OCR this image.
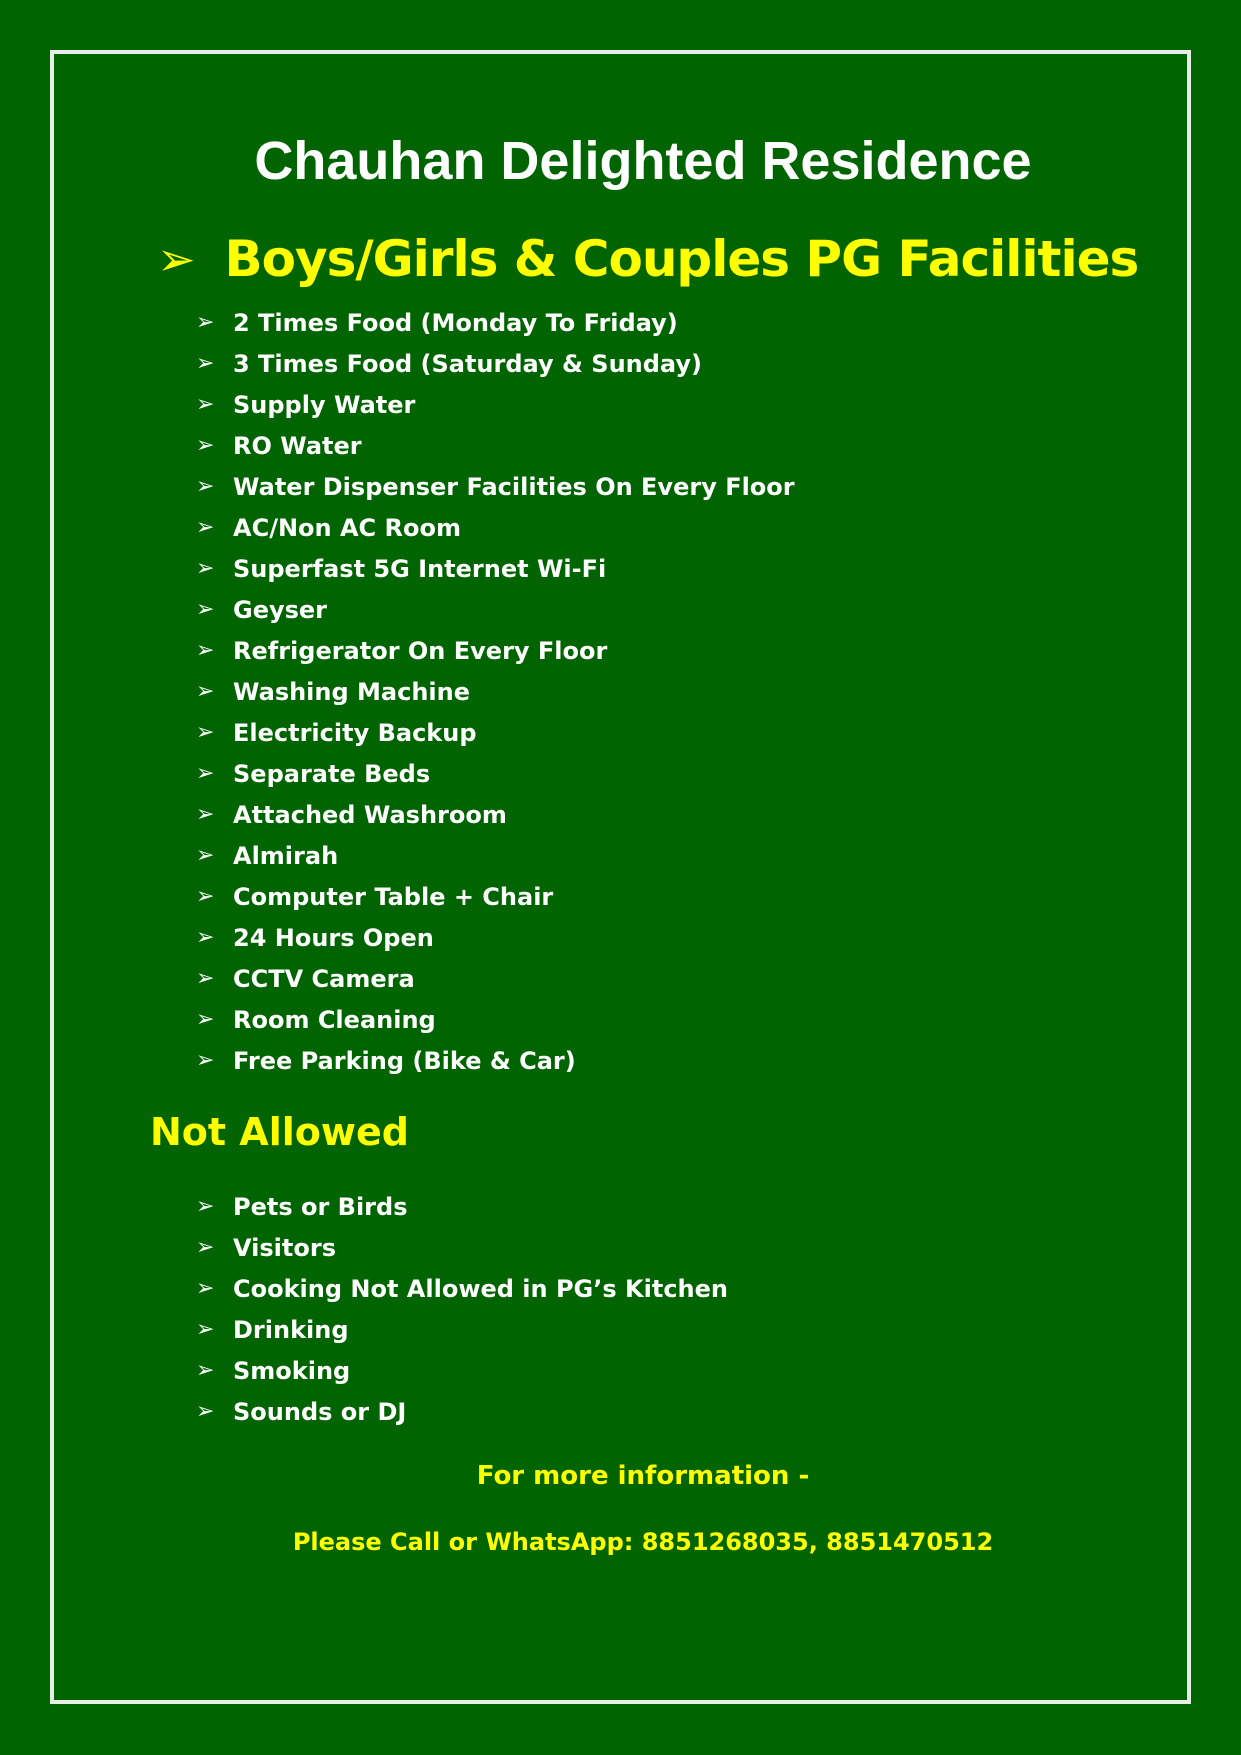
Chauhan Delighted Residence
➢ Boys/Girls & Couples PG Facilities
➢ 2 Times Food (Monday To Friday)
➢ 3 Times Food (Saturday & Sunday)
➢ Supply Water
➢ RO Water
➢ Water Dispenser Facilities On Every Floor
➢ AC/Non AC Room
➢ Superfast 5G Internet Wi-Fi
➢ Geyser
➢ Refrigerator On Every Floor
➢ Washing Machine
➢ Electricity Backup
➢ Separate Beds
➢ Attached Washroom
➢ Almirah
➢ Computer Table + Chair
➢ 24 Hours Open
➢ CCTV Camera
➢ Room Cleaning
➢ Free Parking (Bike & Car)
Not Allowed
➢ Pets or Birds
➢ Visitors
➢ Cooking Not Allowed in PG’s Kitchen
➢ Drinking
➢ Smoking
➢ Sounds or DJ

For more information -

Please Call or WhatsApp: 8851268035, 8851470512
